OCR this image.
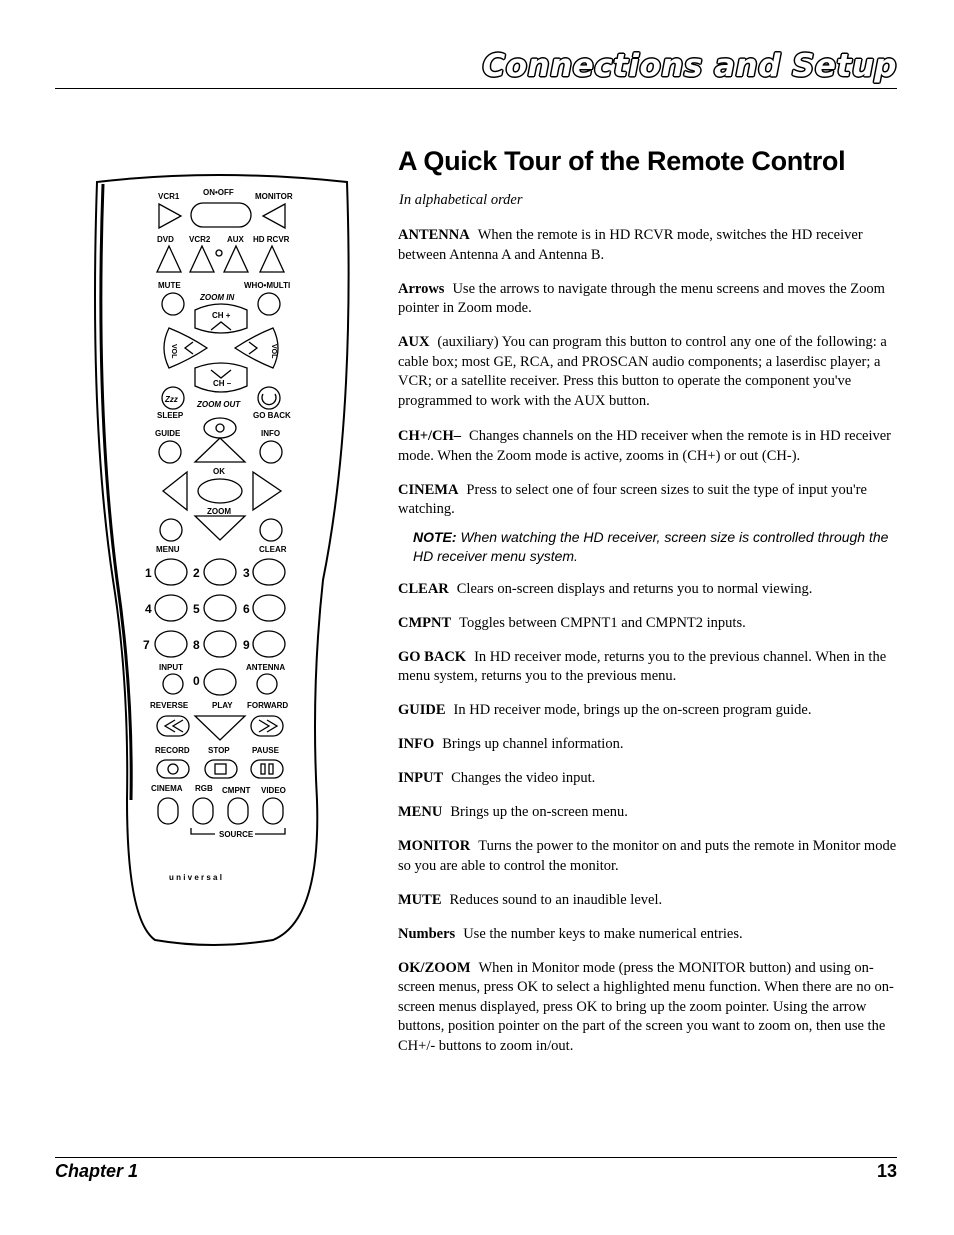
Connections and Setup
A Quick Tour of the Remote Control
In alphabetical order
ANTENNA When the remote is in HD RCVR mode, switches the HD receiver between Antenna A and Antenna B.
Arrows Use the arrows to navigate through the menu screens and moves the Zoom pointer in Zoom mode.
AUX (auxiliary) You can program this button to control any one of the following: a cable box; most GE, RCA, and PROSCAN audio components; a laserdisc player; a VCR; or a satellite receiver. Press this button to operate the component you've programmed to work with the AUX button.
CH+/CH– Changes channels on the HD receiver when the remote is in HD receiver mode. When the Zoom mode is active, zooms in (CH+) or out (CH-).
CINEMA Press to select one of four screen sizes to suit the type of input you're watching.
NOTE: When watching the HD receiver, screen size is controlled through the HD receiver menu system.
CLEAR Clears on-screen displays and returns you to normal viewing.
CMPNT Toggles between CMPNT1 and CMPNT2 inputs.
GO BACK In HD receiver mode, returns you to the previous channel. When in the menu system, returns you to the previous menu.
GUIDE In HD receiver mode, brings up the on-screen program guide.
INFO Brings up channel information.
INPUT Changes the video input.
MENU Brings up the on-screen menu.
MONITOR Turns the power to the monitor on and puts the remote in Monitor mode so you are able to control the monitor.
MUTE Reduces sound to an inaudible level.
Numbers Use the number keys to make numerical entries.
OK/ZOOM When in Monitor mode (press the MONITOR button) and using on-screen menus, press OK to select a highlighted menu function. When there are no on-screen menus displayed, press OK to bring up the zoom pointer. Using the arrow buttons, position pointer on the part of the screen you want to zoom on, then use the CH+/- buttons to zoom in/out.
VCR1	ON•OFF	MONITOR
DVD VCR2 AUX HD RCVR
MUTE	WHO•MULTI
ZOOM IN
CH +
VOL	VOL
CH –
ZOOM OUT
Zzz
SLEEP	GO BACK
GUIDE	INFO
OK
ZOOM
MENU	CLEAR
1	2	3
4	5	6
7	8	9
INPUT	ANTENNA
0
REVERSE	PLAY FORWARD
RECORD STOP	PAUSE
CINEMA RGB CMPNT VIDEO
SOURCE
u n i v e r s a l
Chapter 1	13
